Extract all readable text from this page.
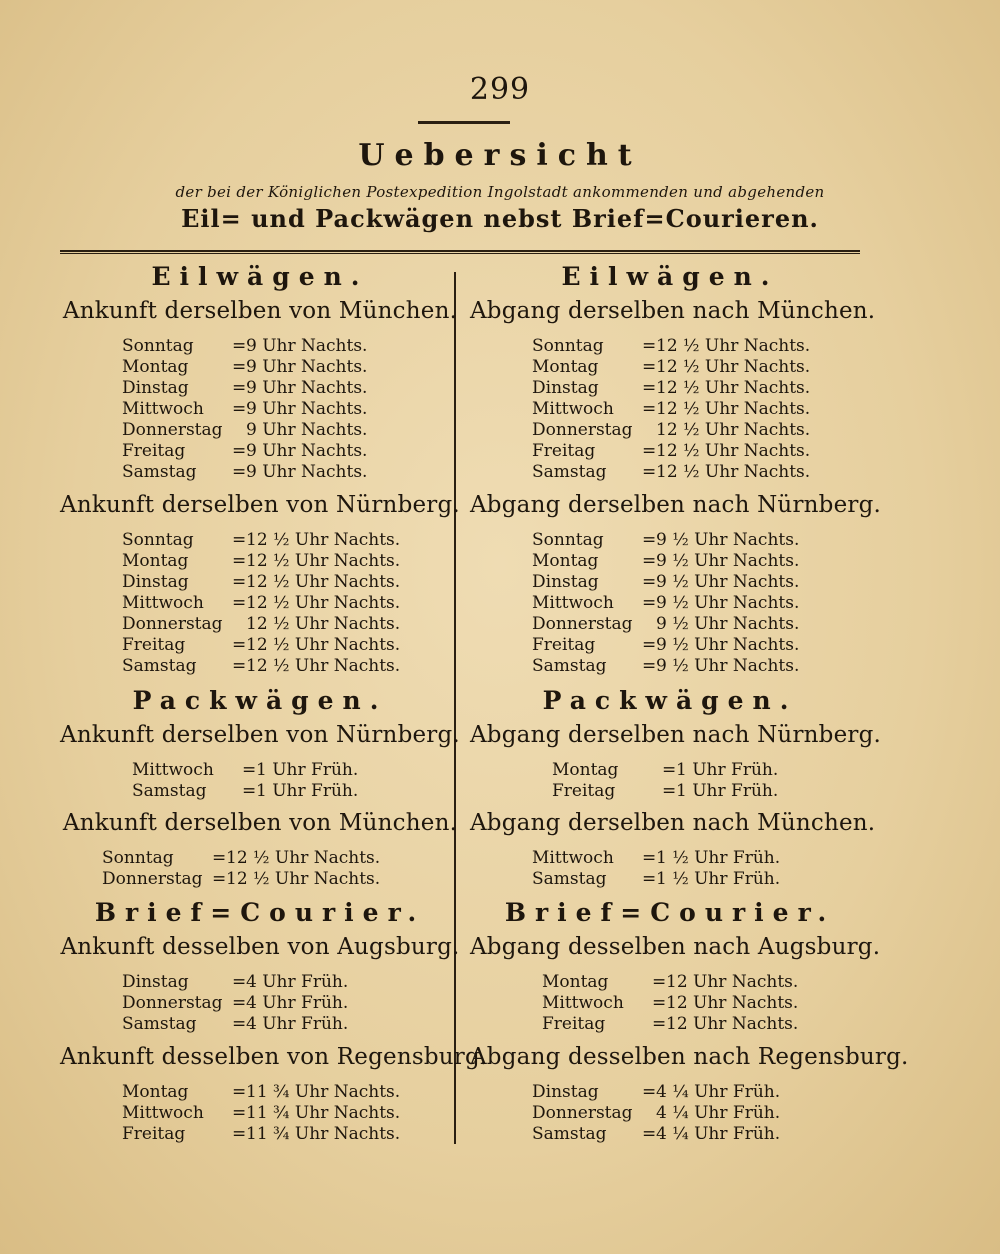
299
Uebersicht
der bei der Königlichen Postexpedition Ingolstadt ankommenden und abgehenden
Eil= und Packwägen nebst Brief=Courieren.
Eilwägen.
Ankunft derselben von München.
Sonntag =9 Uhr Nachts.
Montag	=9 Uhr Nachts.
Dinstag	=9 Uhr Nachts.
Mittwoch =9 Uhr Nachts.
Donnerstag 9 Uhr Nachts.
Freitag	=9 Uhr Nachts.
Samstag =9 Uhr Nachts.
Ankunft derselben von Nürnberg.
Sonntag =12 ½ Uhr Nachts.
Montag	=12 ½ Uhr Nachts.
Dinstag	=12 ½ Uhr Nachts.
Mittwoch =12 ½ Uhr Nachts.
Donnerstag 12 ½ Uhr Nachts.
Freitag	=12 ½ Uhr Nachts.
Samstag =12 ½ Uhr Nachts.
Packwägen.
Ankunft derselben von Nürnberg.
Mittwoch =1 Uhr Früh.
Samstag =1 Uhr Früh.
Ankunft derselben von München.
Sonntag =12 ½ Uhr Nachts.
Donnerstag =12 ½ Uhr Nachts.
Brief=Courier.
Ankunft desselben von Augsburg.
Dinstag	=4 Uhr Früh.
Donnerstag =4 Uhr Früh.
Samstag =4 Uhr Früh.
Ankunft desselben von Regensburg.
Montag	=11 ¾ Uhr Nachts.
Mittwoch =11 ¾ Uhr Nachts.
Freitag	=11 ¾ Uhr Nachts.
Eilwägen.
Abgang derselben nach München.
Sonntag =12 ½ Uhr Nachts.
Montag	=12 ½ Uhr Nachts.
Dinstag	=12 ½ Uhr Nachts.
Mittwoch =12 ½ Uhr Nachts.
Donnerstag 12 ½ Uhr Nachts.
Freitag	=12 ½ Uhr Nachts.
Samstag =12 ½ Uhr Nachts.
Abgang derselben nach Nürnberg.
Sonntag =9 ½ Uhr Nachts.
Montag	=9 ½ Uhr Nachts.
Dinstag	=9 ½ Uhr Nachts.
Mittwoch =9 ½ Uhr Nachts.
Donnerstag 9 ½ Uhr Nachts.
Freitag	=9 ½ Uhr Nachts.
Samstag =9 ½ Uhr Nachts.
Packwägen.
Abgang derselben nach Nürnberg.
Montag	=1 Uhr Früh.
Freitag	=1 Uhr Früh.
Abgang derselben nach München.
Mittwoch =1 ½ Uhr Früh.
Samstag =1 ½ Uhr Früh.
Brief=Courier.
Abgang desselben nach Augsburg.
Montag	=12 Uhr Nachts.
Mittwoch =12 Uhr Nachts.
Freitag	=12 Uhr Nachts.
Abgang desselben nach Regensburg.
Dinstag	=4 ¼ Uhr Früh.
Donnerstag 4 ¼ Uhr Früh.
Samstag =4 ¼ Uhr Früh.
